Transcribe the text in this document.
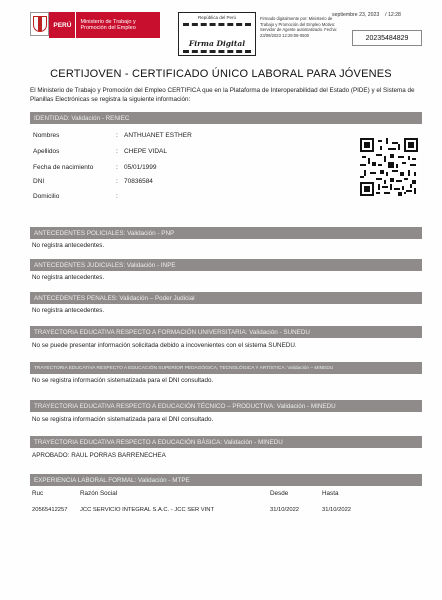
PERÚ	Ministerio de Trabajo y Promoción del Empleo
República del Perú
Firma Digital
Firmado digitalmente por: Ministerio de Trabajo y Promoción del Empleo Motivo: Servidor de Agente automatizado. Fecha: 23/09/2023 12:29:08-0500
septiembre 23, 2023 / 12:28
20235484829
CERTIJOVEN - CERTIFICADO ÚNICO LABORAL PARA JÓVENES
El Ministerio de Trabajo y Promoción del Empleo CERTIFICA que en la Plataforma de Interoperabilidad del Estado (PIDE) y el Sistema de Planillas Electrónicas se registra la siguiente información:
IDENTIDAD: Validación - RENIEC
Nombres	: ANTHUANET ESTHER
Apellidos	: CHEPE VIDAL
Fecha de nacimiento	: 05/01/1999
DNI	: 70836584
Domicilio	:
ANTECEDENTES POLICIALES: Validación - PNP
No registra antecedentes.
ANTECEDENTES JUDICIALES: Validación - INPE
No registra antecedentes.
ANTECEDENTES PENALES: Validación – Poder Judicial
No registra antecedentes.
TRAYECTORIA EDUCATIVA RESPECTO A FORMACIÓN UNIVERSITARIA: Validación - SUNEDU
No se puede presentar información solicitada debido a incovenientes con el sistema SUNEDU.
TRAYECTORIA EDUCATIVA RESPECTO A EDUCACIÓN SUPERIOR PEDAGÓGICA, TECNOLÓGICA Y ARTÍSTICA: Validación – MINEDU
No se registra información sistematizada para el DNI consultado.
TRAYECTORIA EDUCATIVA RESPECTO A EDUCACIÓN TÉCNICO – PRODUCTIVA: Validación - MINEDU
No se registra información sistematizada para el DNI consultado.
TRAYECTORIA EDUCATIVA RESPECTO A EDUCACIÓN BÁSICA: Validación - MINEDU
APROBADO: RAUL PORRAS BARRENECHEA
EXPERIENCIA LABORAL FORMAL: Validación - MTPE
Ruc	Razón Social	Desde	Hasta
20565412257 JCC SERVICIO INTEGRAL S.A.C. - JCC SER VINT	31/10/2022	31/10/2022
